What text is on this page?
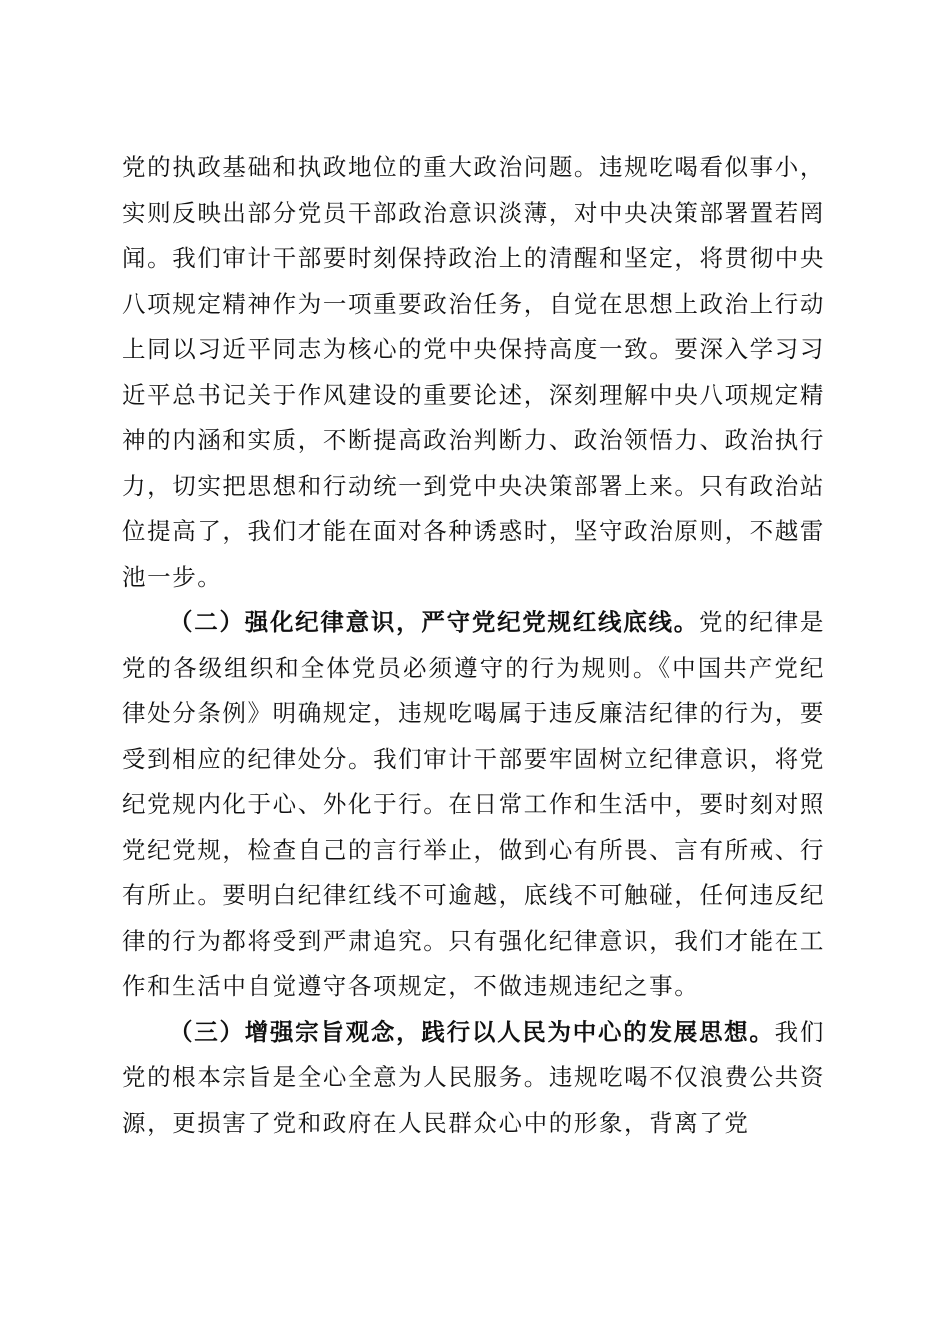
党的执政基础和执政地位的重大政治问题。违规吃喝看似事小，实则反映出部分党员干部政治意识淡薄，对中央决策部署置若罔闻。我们审计干部要时刻保持政治上的清醒和坚定，将贯彻中央八项规定精神作为一项重要政治任务，自觉在思想上政治上行动上同以习近平同志为核心的党中央保持高度一致。要深入学习习近平总书记关于作风建设的重要论述，深刻理解中央八项规定精神的内涵和实质，不断提高政治判断力、政治领悟力、政治执行力，切实把思想和行动统一到党中央决策部署上来。只有政治站位提高了，我们才能在面对各种诱惑时，坚守政治原则，不越雷池一步。

（二）强化纪律意识，严守党纪党规红线底线。党的纪律是党的各级组织和全体党员必须遵守的行为规则。《中国共产党纪律处分条例》明确规定，违规吃喝属于违反廉洁纪律的行为，要受到相应的纪律处分。我们审计干部要牢固树立纪律意识，将党纪党规内化于心、外化于行。在日常工作和生活中，要时刻对照党纪党规，检查自己的言行举止，做到心有所畏、言有所戒、行有所止。要明白纪律红线不可逾越，底线不可触碰，任何违反纪律的行为都将受到严肃追究。只有强化纪律意识，我们才能在工作和生活中自觉遵守各项规定，不做违规违纪之事。

（三）增强宗旨观念，践行以人民为中心的发展思想。我们党的根本宗旨是全心全意为人民服务。违规吃喝不仅浪费公共资源，更损害了党和政府在人民群众心中的形象，背离了党
